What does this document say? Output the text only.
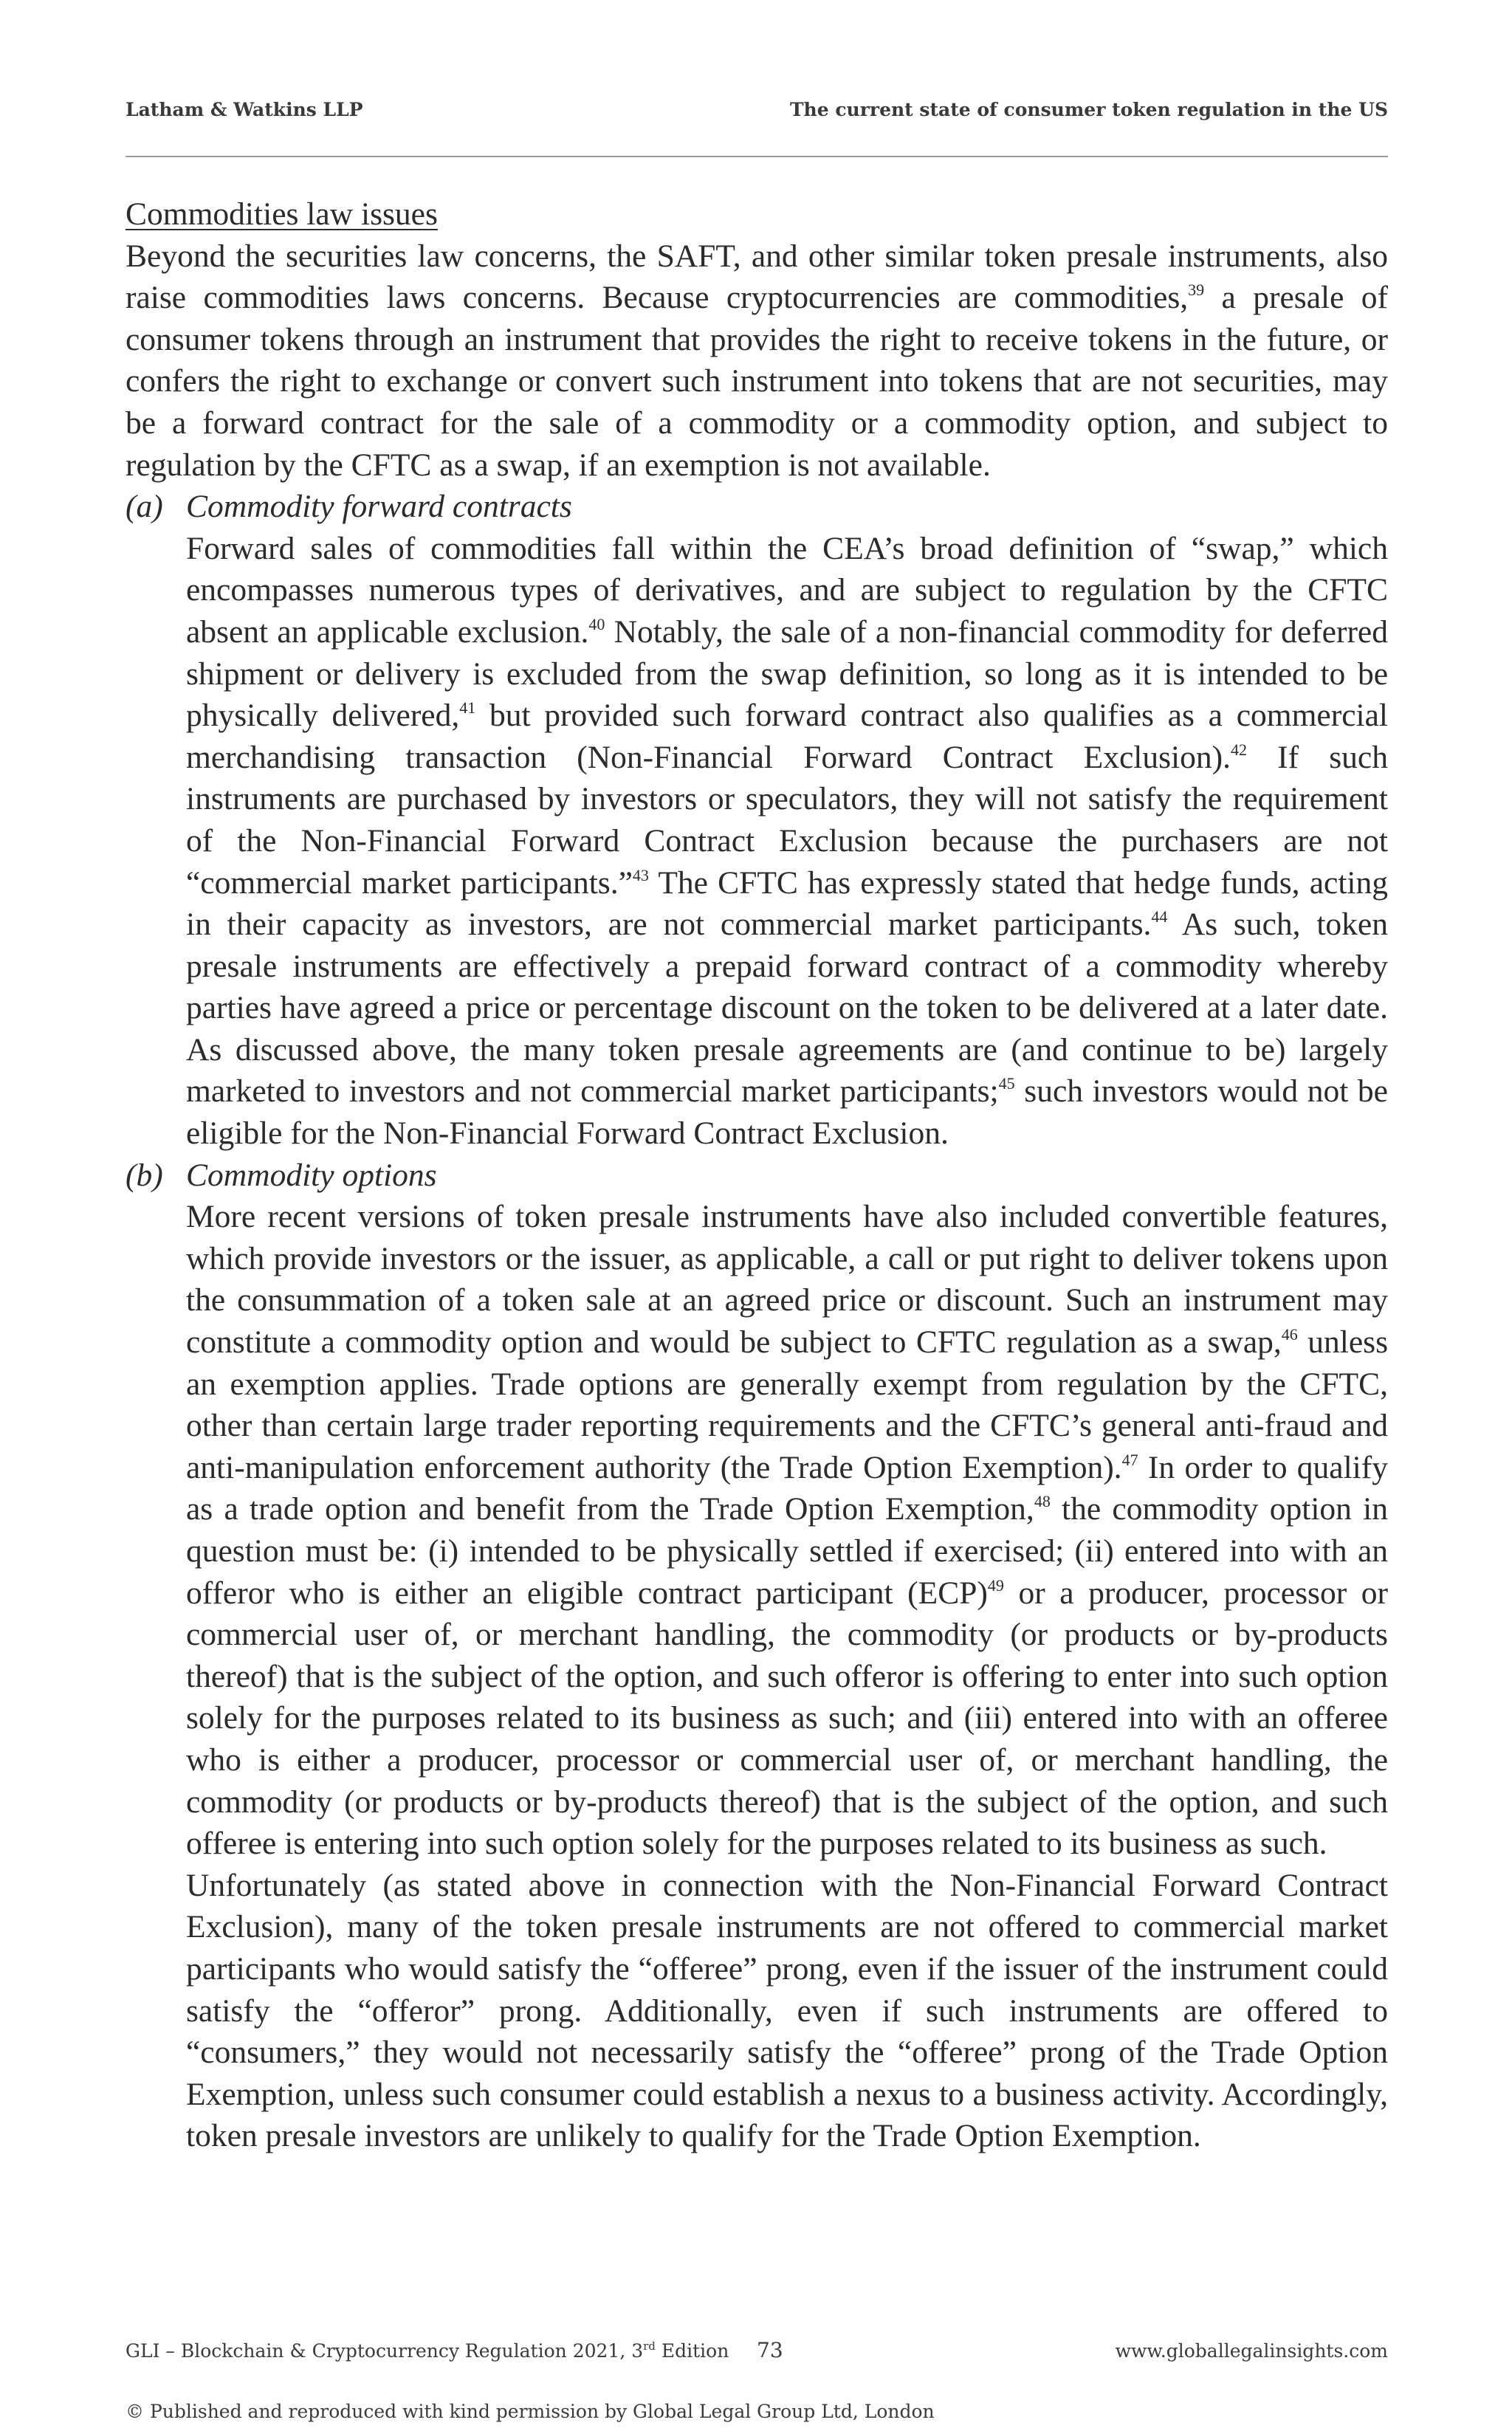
Latham & Watkins LLP	The current state of consumer token regulation in the US

Commodities law issues

Beyond the securities law concerns, the SAFT, and other similar token presale instruments, also raise commodities laws concerns. Because cryptocurrencies are commodities,$^{39}$ a presale of consumer tokens through an instrument that provides the right to receive tokens in the future, or confers the right to exchange or convert such instrument into tokens that are not securities, may be a forward contract for the sale of a commodity or a commodity option, and subject to regulation by the CFTC as a swap, if an exemption is not available.

(a) Commodity forward contracts

Forward sales of commodities fall within the CEA’s broad definition of “swap,” which encompasses numerous types of derivatives, and are subject to regulation by the CFTC absent an applicable exclusion.$^{40}$ Notably, the sale of a non-financial commodity for deferred shipment or delivery is excluded from the swap definition, so long as it is intended to be physically delivered,$^{41}$ but provided such forward contract also qualifies as a commercial merchandising transaction (Non-Financial Forward Contract Exclusion).$^{42}$ If such instruments are purchased by investors or speculators, they will not satisfy the requirement of the Non-Financial Forward Contract Exclusion because the purchasers are not “commercial market participants.”$^{43}$ The CFTC has expressly stated that hedge funds, acting in their capacity as investors, are not commercial market participants.$^{44}$ As such, token presale instruments are effectively a prepaid forward contract of a commodity whereby parties have agreed a price or percentage discount on the token to be delivered at a later date. As discussed above, the many token presale agreements are (and continue to be) largely marketed to investors and not commercial market participants;$^{45}$ such investors would not be eligible for the Non-Financial Forward Contract Exclusion.

(b) Commodity options

More recent versions of token presale instruments have also included convertible features, which provide investors or the issuer, as applicable, a call or put right to deliver tokens upon the consummation of a token sale at an agreed price or discount. Such an instrument may constitute a commodity option and would be subject to CFTC regulation as a swap,$^{46}$ unless an exemption applies. Trade options are generally exempt from regulation by the CFTC, other than certain large trader reporting requirements and the CFTC’s general anti-fraud and anti-manipulation enforcement authority (the Trade Option Exemption).$^{47}$ In order to qualify as a trade option and benefit from the Trade Option Exemption,$^{48}$ the commodity option in question must be: (i) intended to be physically settled if exercised; (ii) entered into with an offeror who is either an eligible contract participant (ECP)$^{49}$ or a producer, processor or commercial user of, or merchant handling, the commodity (or products or by-products thereof) that is the subject of the option, and such offeror is offering to enter into such option solely for the purposes related to its business as such; and (iii) entered into with an offeree who is either a producer, processor or commercial user of, or merchant handling, the commodity (or products or by-products thereof) that is the subject of the option, and such offeree is entering into such option solely for the purposes related to its business as such.

Unfortunately (as stated above in connection with the Non-Financial Forward Contract Exclusion), many of the token presale instruments are not offered to commercial market participants who would satisfy the “offeree” prong, even if the issuer of the instrument could satisfy the “offeror” prong. Additionally, even if such instruments are offered to “consumers,” they would not necessarily satisfy the “offeree” prong of the Trade Option Exemption, unless such consumer could establish a nexus to a business activity. Accordingly, token presale investors are unlikely to qualify for the Trade Option Exemption.

GLI – Blockchain & Cryptocurrency Regulation 2021, 3rd Edition 73	www.globallegalinsights.com
© Published and reproduced with kind permission by Global Legal Group Ltd, London
